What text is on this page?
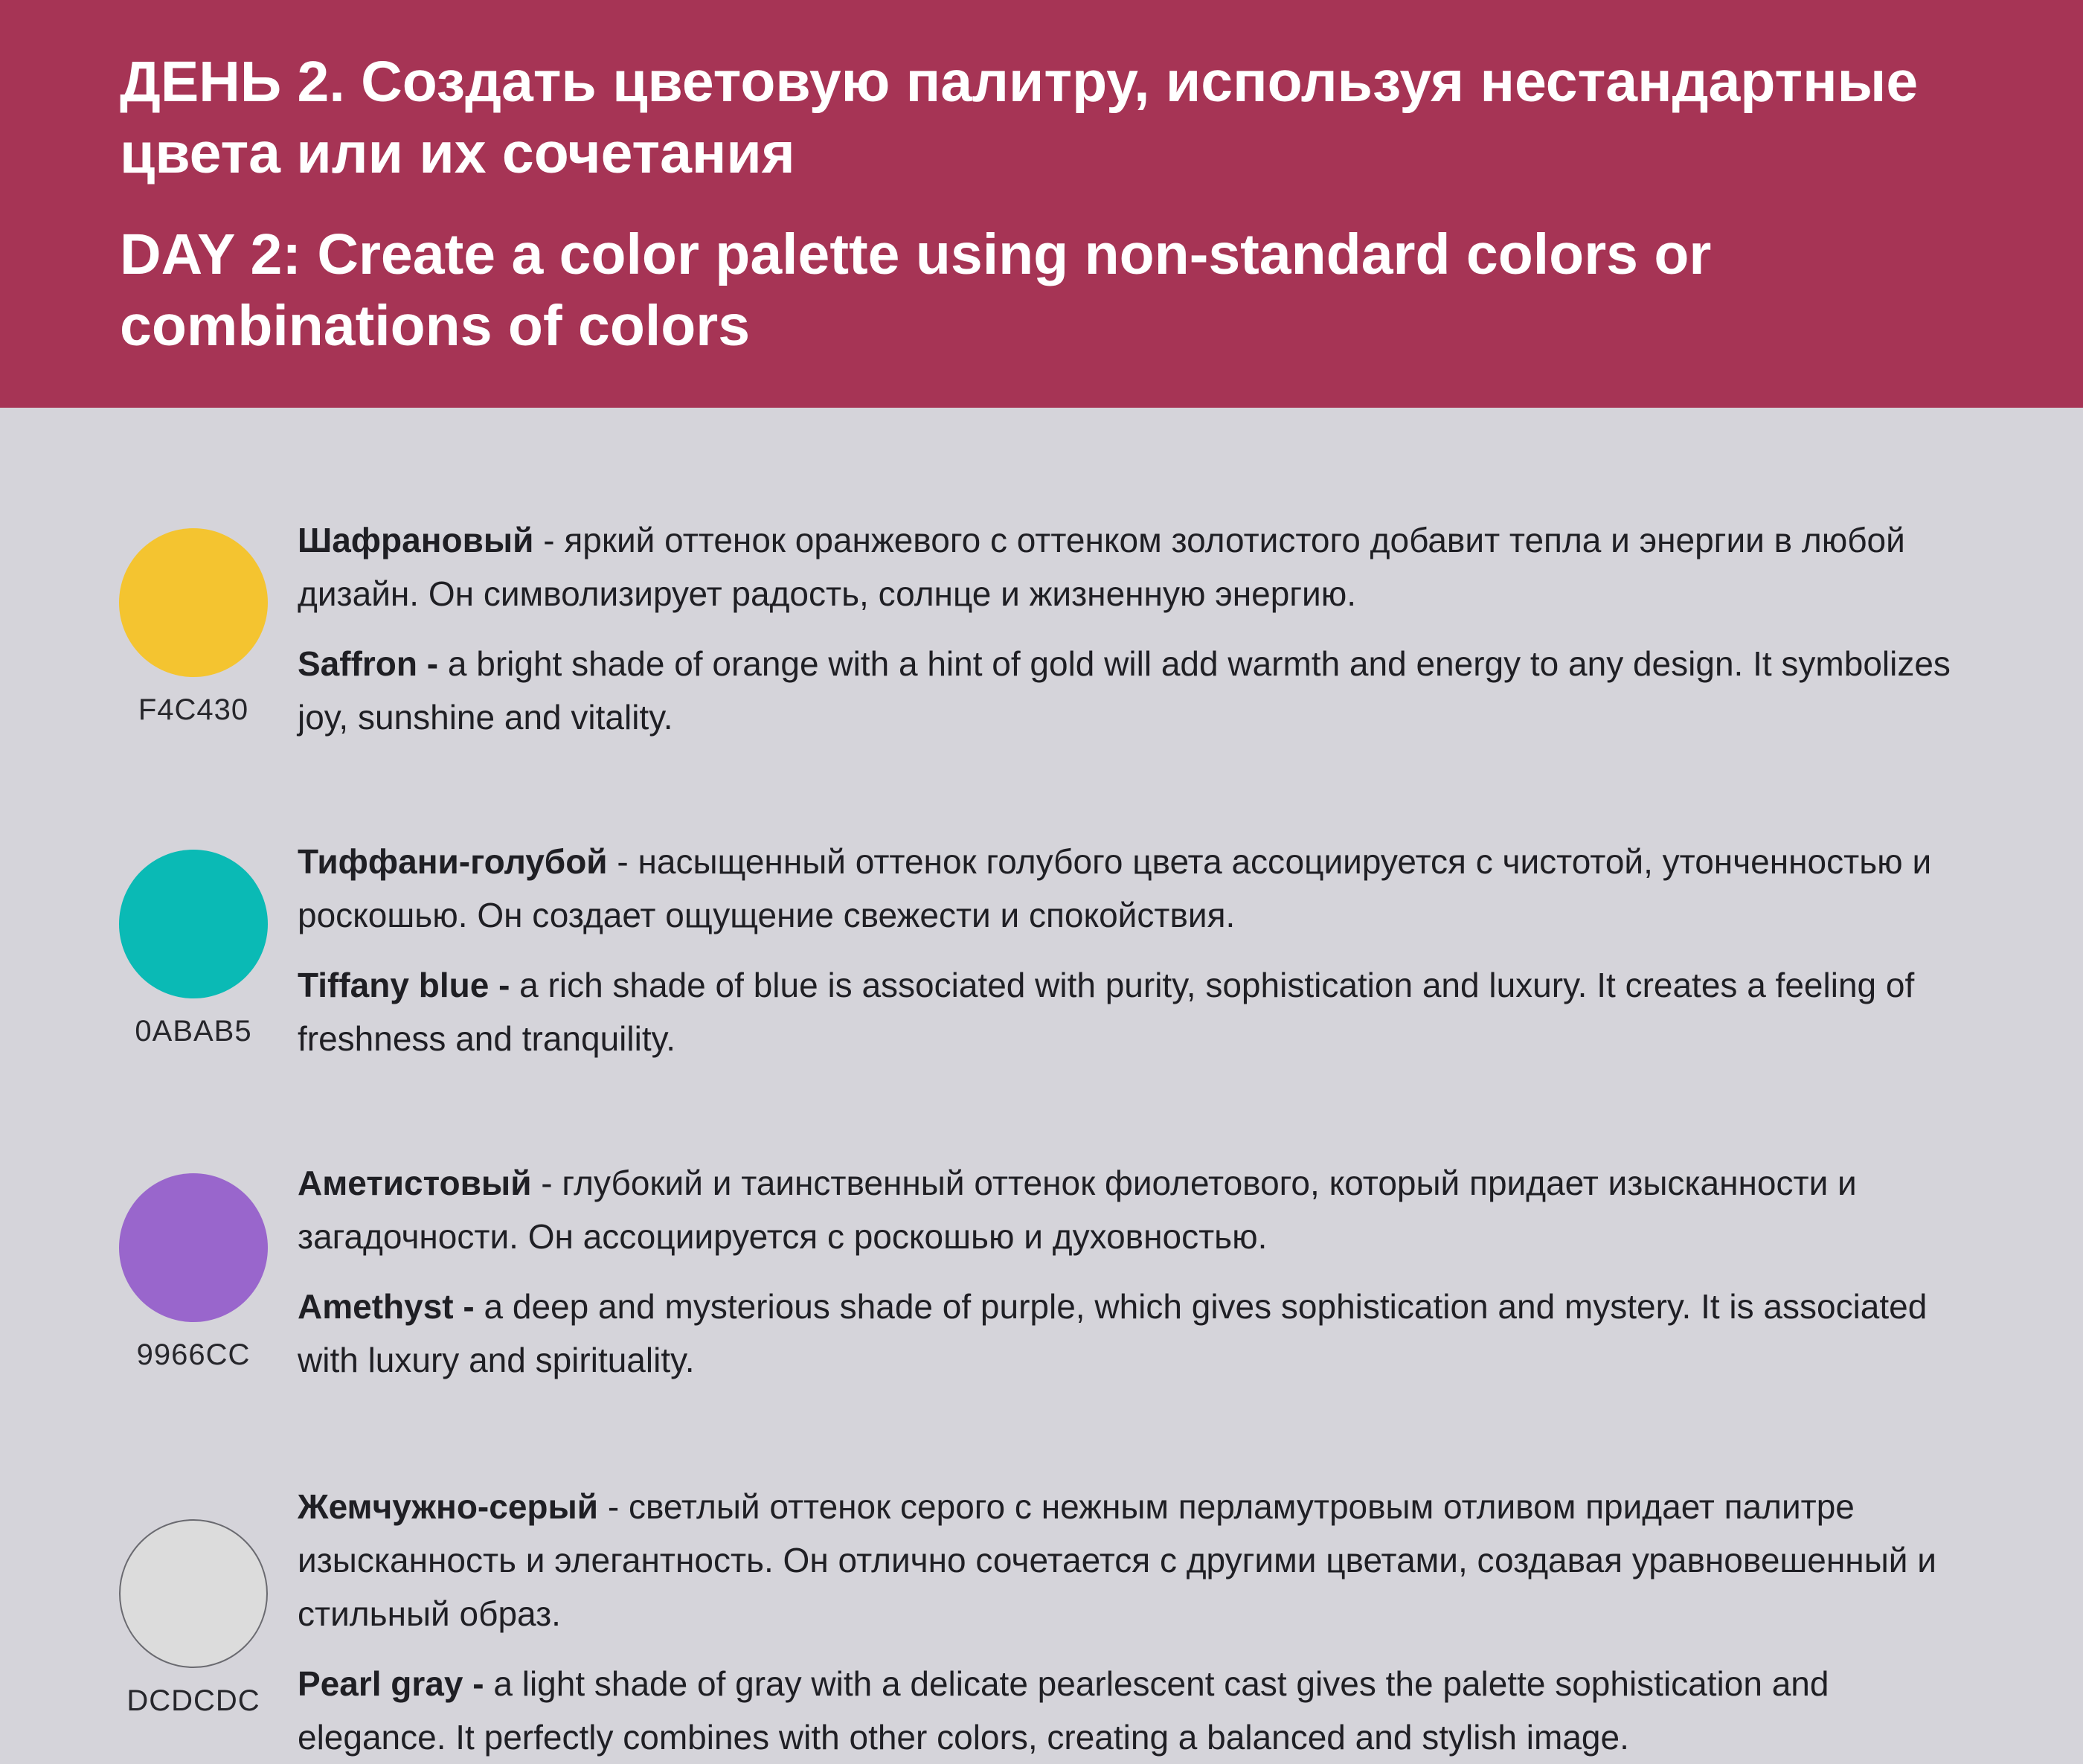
ДЕНЬ 2. Создать цветовую палитру, используя нестандартные цвета или их сочетания
DAY 2: Create a color palette using non-standard colors or combinations of colors
F4C430

Шафрановый - яркий оттенок оранжевого с оттенком золотистого добавит тепла и энергии в любой дизайн. Он символизирует радость, солнце и жизненную энергию.

Saffron - a bright shade of orange with a hint of gold will add warmth and energy to any design. It symbolizes joy, sunshine and vitality.

0ABAB5

Тиффани-голубой - насыщенный оттенок голубого цвета ассоциируется с чистотой, утонченностью и роскошью. Он создает ощущение свежести и спокойствия.

Tiffany blue - a rich shade of blue is associated with purity, sophistication and luxury. It creates a feeling of freshness and tranquility.

9966CC

Аметистовый - глубокий и таинственный оттенок фиолетового, который придает изысканности и загадочности. Он ассоциируется с роскошью и духовностью.

Amethyst - a deep and mysterious shade of purple, which gives sophistication and mystery. It is associated with luxury and spirituality.

DCDCDC

Жемчужно-серый - светлый оттенок серого с нежным перламутровым отливом придает палитре изысканность и элегантность. Он отлично сочетается с другими цветами, создавая уравновешенный и стильный образ.

Pearl gray - a light shade of gray with a delicate pearlescent cast gives the palette sophistication and elegance. It perfectly combines with other colors, creating a balanced and stylish image.
